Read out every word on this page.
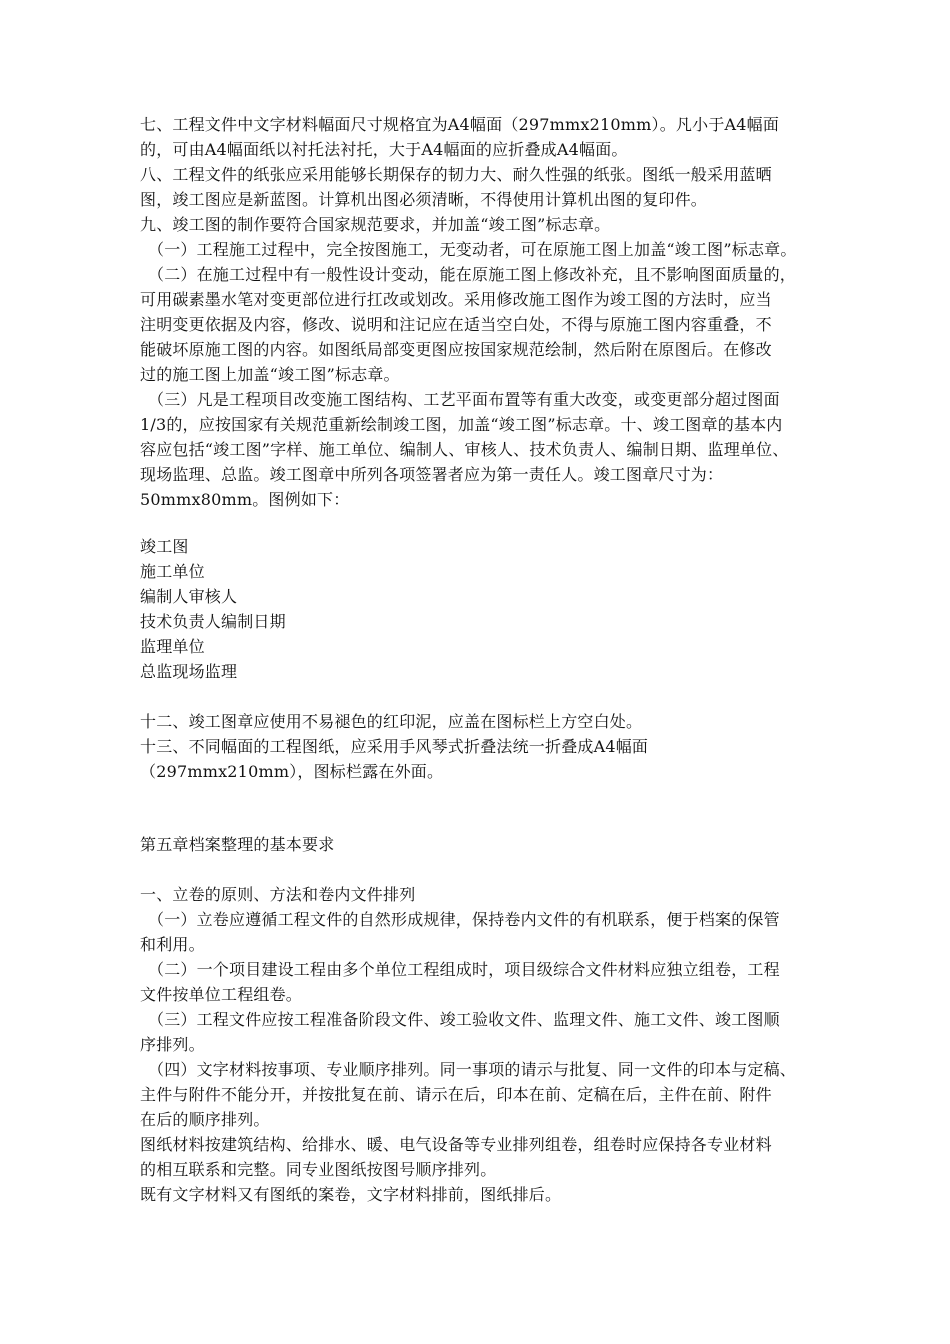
七、工程文件中文字材料幅面尺寸规格宜为A4幅面（297mmx210mm）。凡小于A4幅面
的，可由A4幅面纸以衬托法衬托，大于A4幅面的应折叠成A4幅面。
八、工程文件的纸张应采用能够长期保存的韧力大、耐久性强的纸张。图纸一般采用蓝晒
图，竣工图应是新蓝图。计算机出图必须清晰，不得使用计算机出图的复印件。
九、竣工图的制作要符合国家规范要求，并加盖“竣工图”标志章。
（一）工程施工过程中，完全按图施工，无变动者，可在原施工图上加盖“竣工图”标志章。
（二）在施工过程中有一般性设计变动，能在原施工图上修改补充，且不影响图面质量的，
可用碳素墨水笔对变更部位进行扛改或划改。采用修改施工图作为竣工图的方法时，应当
注明变更依据及内容，修改、说明和注记应在适当空白处，不得与原施工图内容重叠，不
能破坏原施工图的内容。如图纸局部变更图应按国家规范绘制，然后附在原图后。在修改
过的施工图上加盖“竣工图”标志章。
（三）凡是工程项目改变施工图结构、工艺平面布置等有重大改变，或变更部分超过图面
1/3的，应按国家有关规范重新绘制竣工图，加盖“竣工图”标志章。十、竣工图章的基本内
容应包括“竣工图”字样、施工单位、编制人、审核人、技术负责人、编制日期、监理单位、
现场监理、总监。竣工图章中所列各项签署者应为第一责任人。竣工图章尺寸为：
50mmx80mm。图例如下：
竣工图
施工单位
编制人审核人
技术负责人编制日期
监理单位
总监现场监理
十二、竣工图章应使用不易褪色的红印泥，应盖在图标栏上方空白处。
十三、不同幅面的工程图纸，应采用手风琴式折叠法统一折叠成A4幅面
（297mmx210mm），图标栏露在外面。
第五章档案整理的基本要求
一、立卷的原则、方法和卷内文件排列
（一）立卷应遵循工程文件的自然形成规律，保持卷内文件的有机联系，便于档案的保管
和利用。
（二）一个项目建设工程由多个单位工程组成时，项目级综合文件材料应独立组卷，工程
文件按单位工程组卷。
（三）工程文件应按工程准备阶段文件、竣工验收文件、监理文件、施工文件、竣工图顺
序排列。
（四）文字材料按事项、专业顺序排列。同一事项的请示与批复、同一文件的印本与定稿、
主件与附件不能分开，并按批复在前、请示在后，印本在前、定稿在后，主件在前、附件
在后的顺序排列。
图纸材料按建筑结构、给排水、暖、电气设备等专业排列组卷，组卷时应保持各专业材料
的相互联系和完整。同专业图纸按图号顺序排列。
既有文字材料又有图纸的案卷，文字材料排前，图纸排后。
